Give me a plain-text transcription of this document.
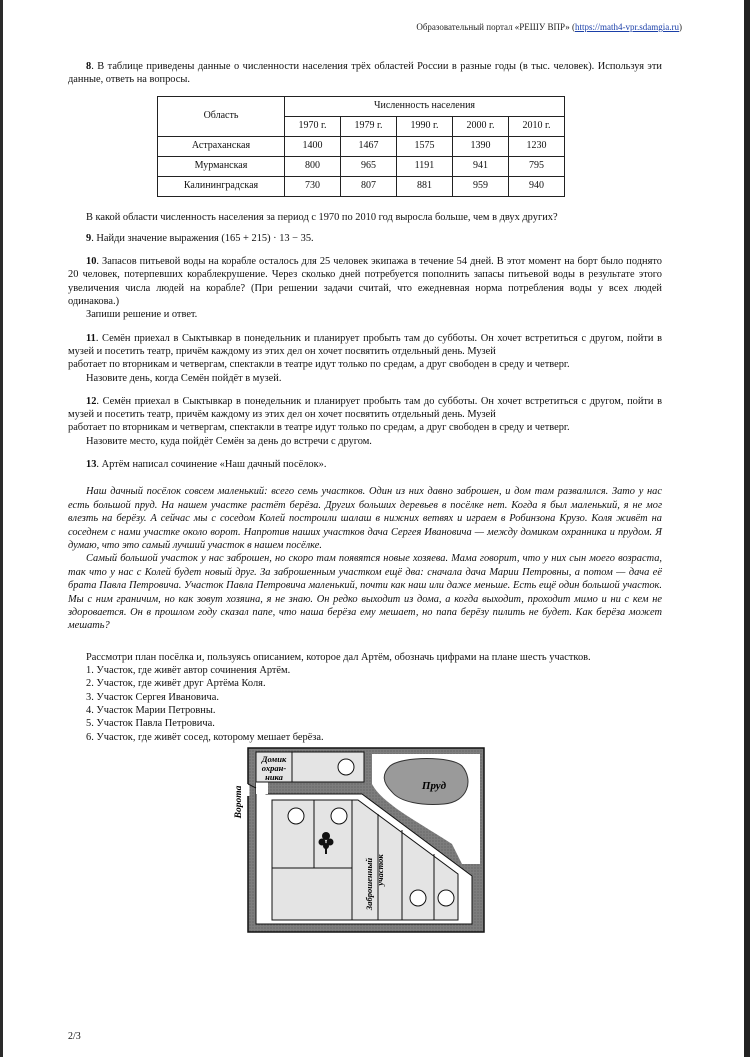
Образовательный портал «РЕШУ ВПР» (https://math4-vpr.sdamgia.ru)

8. В таблице приведены данные о численности населения трёх областей России в разные годы (в тыс. человек). Используя эти данные, ответь на вопросы.

Область	Численность населения				
	1970 г.	1979 г.	1990 г.	2000 г.	2010 г.
Астраханская	1400	1467	1575	1390	1230
Мурманская	800	965	1191	941	795
Калининградская	730	807	881	959	940

В какой области численность населения за период с 1970 по 2010 год выросла больше, чем в двух других?

9. Найди значение выражения (165 + 215) · 13 − 35.

10. Запасов питьевой воды на корабле осталось для 25 человек экипажа в течение 54 дней. В этот момент на борт было поднято 20 человек, потерпевших кораблекрушение. Через сколько дней потребуется пополнить запасы питьевой воды в результате этого увеличения числа людей на корабле? (При решении задачи считай, что ежедневная норма потребления воды у всех людей одинакова.)

Запиши решение и ответ.

11. Семён приехал в Сыктывкар в понедельник и планирует пробыть там до субботы. Он хочет встретиться с другом, пойти в музей и посетить театр, причём каждому из этих дел он хочет посвятить отдельный день. Музей

работает по вторникам и четвергам, спектакли в театре идут только по средам, а друг свободен в среду и четверг.

Назовите день, когда Семён пойдёт в музей.

12. Семён приехал в Сыктывкар в понедельник и планирует пробыть там до субботы. Он хочет встретиться с другом, пойти в музей и посетить театр, причём каждому из этих дел он хочет посвятить отдельный день. Музей

работает по вторникам и четвергам, спектакли в театре идут только по средам, а друг свободен в среду и четверг.

Назовите место, куда пойдёт Семён за день до встречи с другом.

13. Артём написал сочинение «Наш дачный посёлок».

Наш дачный посёлок совсем маленький: всего семь участков. Один из них давно заброшен, и дом там развалился. Зато у нас есть большой пруд. На нашем участке растёт берёза. Других больших деревьев в посёлке нет. Когда я был маленький, я не мог влезть на берёзу. А сейчас мы с соседом Колей построили шалаш в нижних ветвях и играем в Робинзона Крузо. Коля живёт на соседнем с нами участке около ворот. Напротив наших участков дача Сергея Ивановича — между домиком охранника и прудом. Я думаю, что это самый лучший участок в нашем посёлке.

Самый большой участок у нас заброшен, но скоро там появятся новые хозяева. Мама говорит, что у них сын моего возраста, так что у нас с Колей будет новый друг. За заброшенным участком ещё два: сначала дача Марии Петровны, а потом — дача её брата Павла Петровича. Участок Павла Петровича маленький, почти как наш или даже меньше. Есть ещё один большой участок. Мы с ним граничим, но как зовут хозяина, я не знаю. Он редко выходит из дома, а когда выходит, проходит мимо и ни с кем не здоровается. Он в прошлом году сказал папе, что наша берёза ему мешает, но папа берёзу пилить не будет. Как берёза может мешать?

Рассмотри план посёлка и, пользуясь описанием, которое дал Артём, обозначь цифрами на плане шесть участков.

1. Участок, где живёт автор сочинения Артём.

2. Участок, где живёт друг Артёма Коля.

3. Участок Сергея Ивановича.

4. Участок Марии Петровны.

5. Участок Павла Петровича.

6. Участок, где живёт сосед, которому мешает берёза.

Домик
охран-
ника
Пруд
Заброшенный участок
Ворота
2/3
